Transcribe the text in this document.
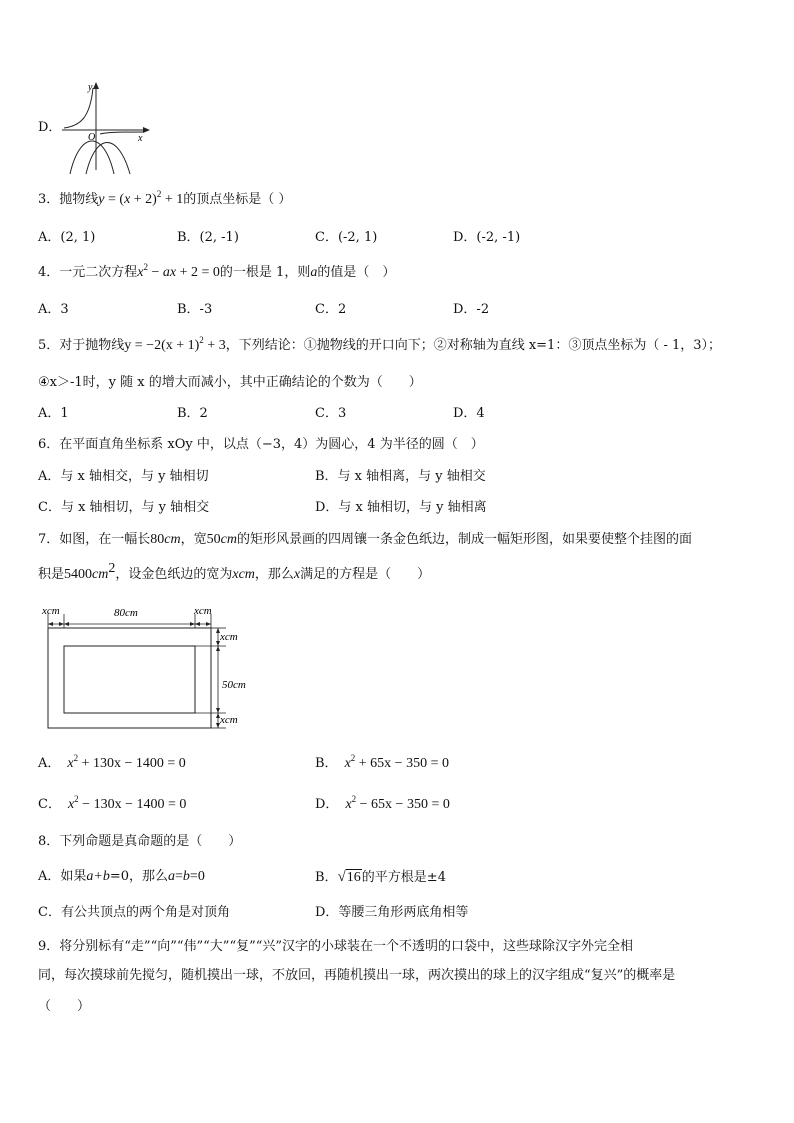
D．
y
O	x
3．抛物线$y = (x + 2)^2 + 1$的顶点坐标是（ ）
A．(2, 1)	B．(2, -1)	C．(-2, 1)	D．(-2, -1)
4．一元二次方程$x^2$ − ax + 2 = 0的一根是 1，则a的值是（　）
A．3	B．-3	C．2	D．-2
5．对于抛物线$y = -2(x + 1)^2 + 3$，下列结论：①抛物线的开口向下；②对称轴为直线 x=1：③顶点坐标为（ - 1，3）；
④x＞-1时，y 随 x 的增大而减小，其中正确结论的个数为（　　）
A．1	B．2	C．3	D．4
6．在平面直角坐标系 xOy 中，以点（−3，4）为圆心，4 为半径的圆（　）
A．与 x 轴相交，与 y 轴相切	B．与 x 轴相离，与 y 轴相交
C．与 x 轴相切，与 y 轴相交	D．与 x 轴相切，与 y 轴相离
7．如图，在一幅长80cm，宽50cm的矩形风景画的四周镶一条金色纸边，制成一幅矩形图，如果要使整个挂图的面
积是$5400cm^2$，设金色纸边的宽为xcm，那么x满足的方程是（　　）
xcm	80cm	xcm
xcm
50cm
xcm
A． $x^2 + 130x - 1400 = 0$	B． $x^2 + 65x - 350 = 0$
C． $x^2 - 130x - 1400 = 0$	D． $x^2 - 65x - 350 = 0$
8．下列命题是真命题的是（　　）
A．如果a+b=0，那么a=b=0	B．√16的平方根是±4
C．有公共顶点的两个角是对顶角	D．等腰三角形两底角相等
9．将分别标有“走”“向”“伟”“大”“复”“兴”汉字的小球装在一个不透明的口袋中，这些球除汉字外完全相
同，每次摸球前先搅匀，随机摸出一球，不放回，再随机摸出一球，两次摸出的球上的汉字组成“复兴”的概率是
（　　）
